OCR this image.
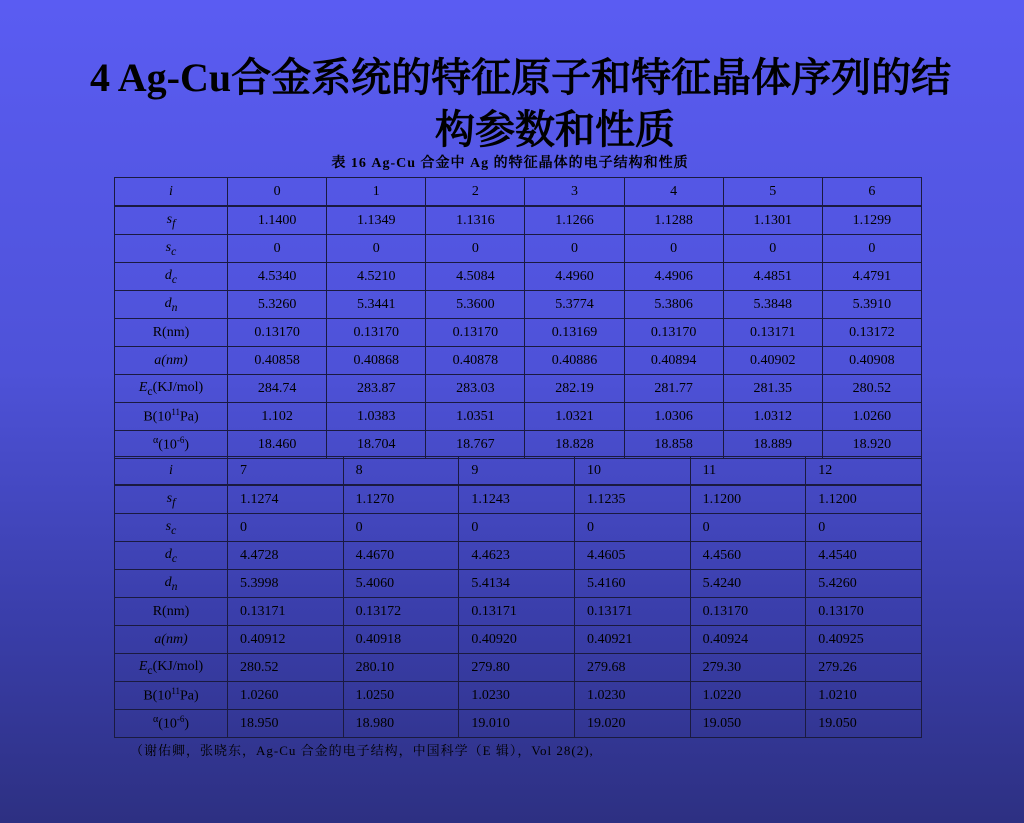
4 Ag-Cu合金系统的特征原子和特征晶体序列的结
构参数和性质
表 16 Ag-Cu 合金中 Ag 的特征晶体的电子结构和性质
i	0	1	2	3	4	5	6
$s_f$	1.1400	1.1349	1.1316	1.1266	1.1288	1.1301	1.1299
$s_c$	0	0	0	0	0	0	0
$d_c$	4.5340	4.5210	4.5084	4.4960	4.4906	4.4851	4.4791
$d_n$	5.3260	5.3441	5.3600	5.3774	5.3806	5.3848	5.3910
R(nm)	0.13170	0.13170	0.13170	0.13169	0.13170	0.13171	0.13172
a(nm)	0.40858	0.40868	0.40878	0.40886	0.40894	0.40902	0.40908
$E_c(KJ/mol)$	284.74	283.87	283.03	282.19	281.77	281.35	280.52
$B(10^{11}Pa)$	1.102	1.0383	1.0351	1.0321	1.0306	1.0312	1.0260
$^\alpha(10^{-6})$	18.460	18.704	18.767	18.828	18.858	18.889	18.920
i	7	8	9	10	11	12
$s_f$	1.1274	1.1270	1.1243	1.1235	1.1200	1.1200
$s_c$	0	0	0	0	0	0
$d_c$	4.4728	4.4670	4.4623	4.4605	4.4560	4.4540
$d_n$	5.3998	5.4060	5.4134	5.4160	5.4240	5.4260
R(nm)	0.13171	0.13172	0.13171	0.13171	0.13170	0.13170
a(nm)	0.40912	0.40918	0.40920	0.40921	0.40924	0.40925
$E_c(KJ/mol)$	280.52	280.10	279.80	279.68	279.30	279.26
$B(10^{11}Pa)$	1.0260	1.0250	1.0230	1.0230	1.0220	1.0210
$^\alpha(10^{-6})$	18.950	18.980	19.010	19.020	19.050	19.050
（谢佑卿，张晓东，Ag-Cu 合金的电子结构，中国科学（E 辑），Vol 28(2),
